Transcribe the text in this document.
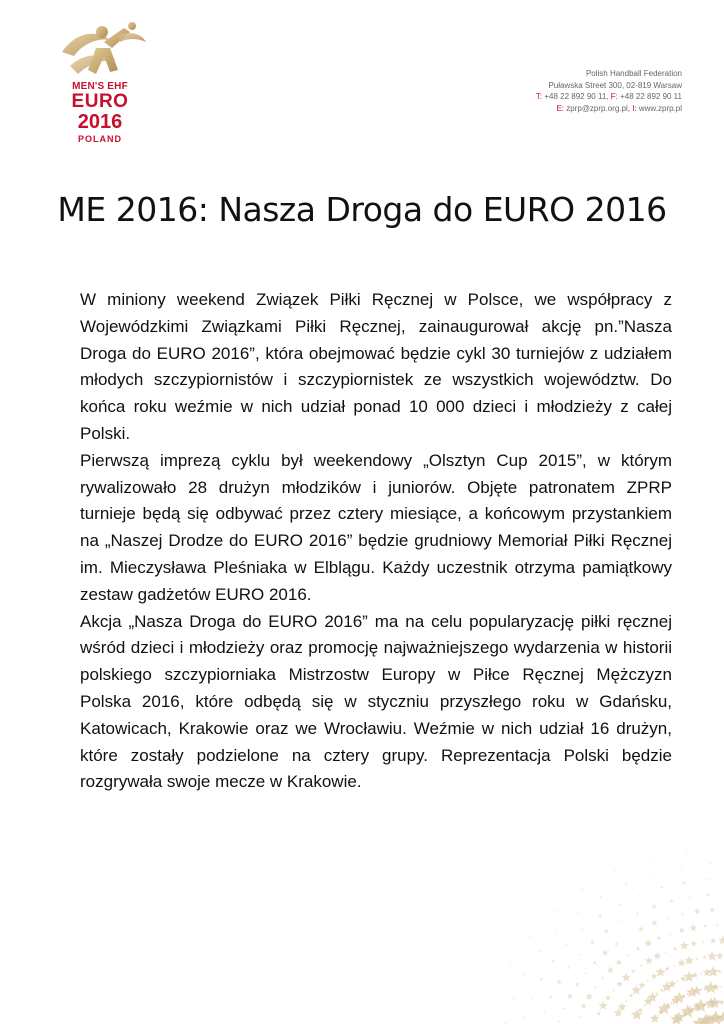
MEN'S EHF
EURO
2016
POLAND
Polish Handball Federation
Puławska Street 300, 02-819 Warsaw
T: +48 22 892 90 11, F: +48 22 892 90 11
E: zprp@zprp.org.pl, I: www.zprp.pl
ME 2016: Nasza Droga do EURO 2016

W miniony weekend Związek Piłki Ręcznej w Polsce, we współpracy z Wojewódzkimi Związkami Piłki Ręcznej, zainaugurował akcję pn.”Nasza Droga do EURO 2016”, która obejmować będzie cykl 30 turniejów z udziałem młodych szczypiornistów i szczypiornistek ze wszystkich województw. Do końca roku weźmie w nich udział ponad 10 000 dzieci i młodzieży z całej Polski.

Pierwszą imprezą cyklu był weekendowy „Olsztyn Cup 2015”, w którym rywalizowało 28 drużyn młodzików i juniorów. Objęte patronatem ZPRP turnieje będą się odbywać przez cztery miesiące, a końcowym przystankiem na „Naszej Drodze do EURO 2016” będzie grudniowy Memoriał Piłki Ręcznej im. Mieczysława Pleśniaka w Elblągu. Każdy uczestnik otrzyma pamiątkowy zestaw gadżetów EURO 2016.

Akcja „Nasza Droga do EURO 2016” ma na celu popularyzację piłki ręcznej wśród dzieci i młodzieży oraz promocję najważniejszego wydarzenia w historii polskiego szczypiorniaka Mistrzostw Europy w Piłce Ręcznej Mężczyzn Polska 2016, które odbędą się w styczniu przyszłego roku w Gdańsku, Katowicach, Krakowie oraz we Wrocławiu. Weźmie w nich udział 16 drużyn, które zostały podzielone na cztery grupy. Reprezentacja Polski będzie rozgrywała swoje mecze w Krakowie.
